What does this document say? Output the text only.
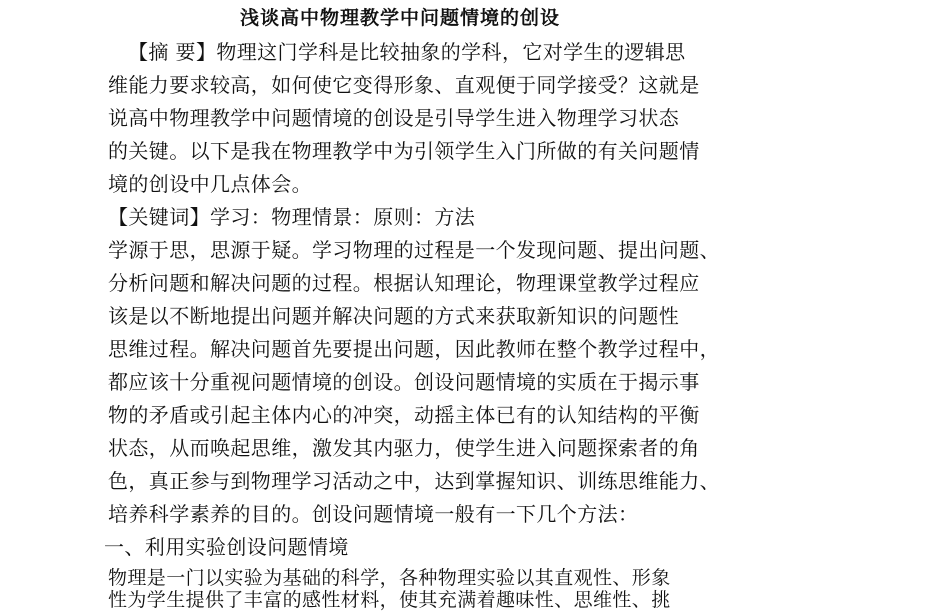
浅谈高中物理教学中问题情境的创设
【摘 要】物理这门学科是比较抽象的学科，它对学生的逻辑思
维能力要求较高，如何使它变得形象、直观便于同学接受？这就是
说高中物理教学中问题情境的创设是引导学生进入物理学习状态
的关键。以下是我在物理教学中为引领学生入门所做的有关问题情
境的创设中几点体会。
【关键词】学习：物理情景：原则：方法
学源于思，思源于疑。学习物理的过程是一个发现问题、提出问题、
分析问题和解决问题的过程。根据认知理论，物理课堂教学过程应
该是以不断地提出问题并解决问题的方式来获取新知识的问题性
思维过程。解决问题首先要提出问题，因此教师在整个教学过程中，
都应该十分重视问题情境的创设。创设问题情境的实质在于揭示事
物的矛盾或引起主体内心的冲突，动摇主体已有的认知结构的平衡
状态，从而唤起思维，激发其内驱力，使学生进入问题探索者的角
色，真正参与到物理学习活动之中，达到掌握知识、训练思维能力、
培养科学素养的目的。创设问题情境一般有一下几个方法：
一、利用实验创设问题情境
物理是一门以实验为基础的科学，各种物理实验以其直观性、形象
性为学生提供了丰富的感性材料，使其充满着趣味性、思维性、挑
